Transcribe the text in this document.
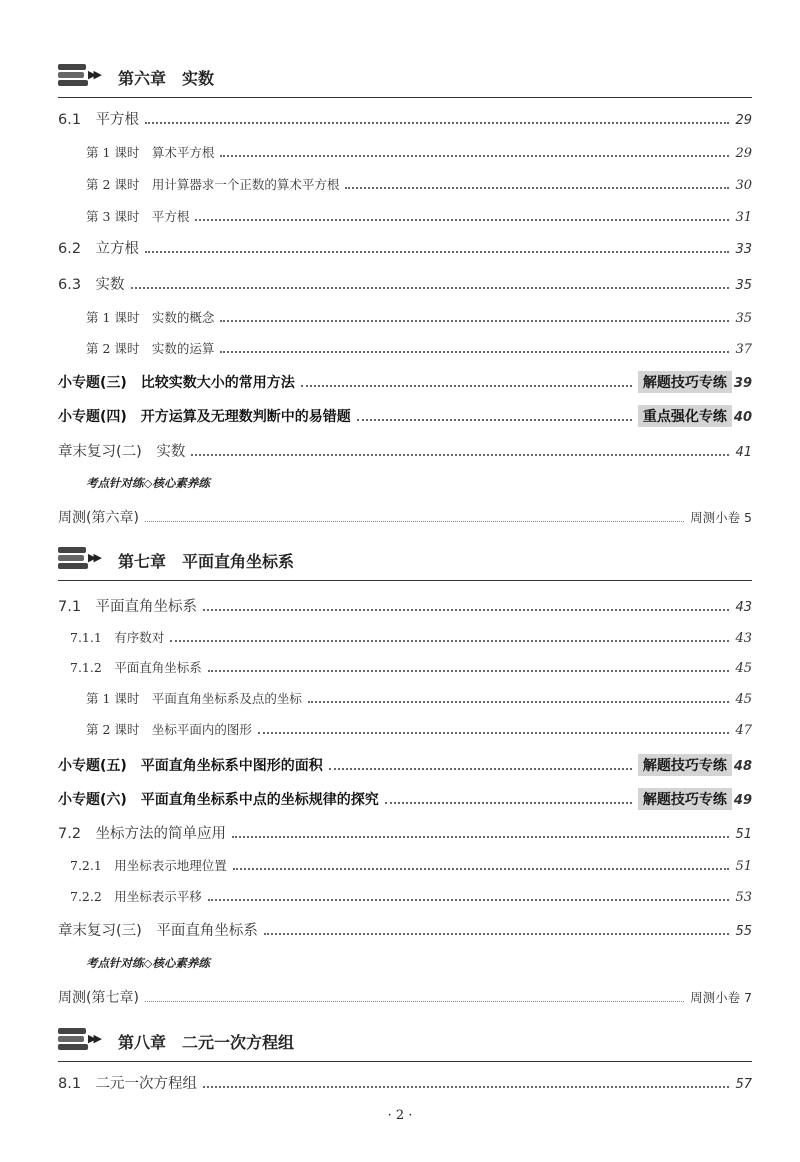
▶▶ 第六章　实数
6.1　平方根	29
第 1 课时　算术平方根	29
第 2 课时　用计算器求一个正数的算术平方根	30
第 3 课时　平方根	31
6.2　立方根	33
6.3　实数	35
第 1 课时　实数的概念	35
第 2 课时　实数的运算	37
小专题(三)　比较实数大小的常用方法	解题技巧专练 39
小专题(四)　开方运算及无理数判断中的易错题	重点强化专练 40
章末复习(二)　实数	41
考点针对练◇核心素养练
周测(第六章)	周测小卷 5
▶▶ 第七章　平面直角坐标系
7.1　平面直角坐标系	43
7.1.1　有序数对	43
7.1.2　平面直角坐标系	45
第 1 课时　平面直角坐标系及点的坐标	45
第 2 课时　坐标平面内的图形	47
小专题(五)　平面直角坐标系中图形的面积	解题技巧专练 48
小专题(六)　平面直角坐标系中点的坐标规律的探究	解题技巧专练 49
7.2　坐标方法的简单应用	51
7.2.1　用坐标表示地理位置	51
7.2.2　用坐标表示平移	53
章末复习(三)　平面直角坐标系	55
考点针对练◇核心素养练
周测(第七章)	周测小卷 7
▶▶ 第八章　二元一次方程组
8.1　二元一次方程组	57
· 2 ·
